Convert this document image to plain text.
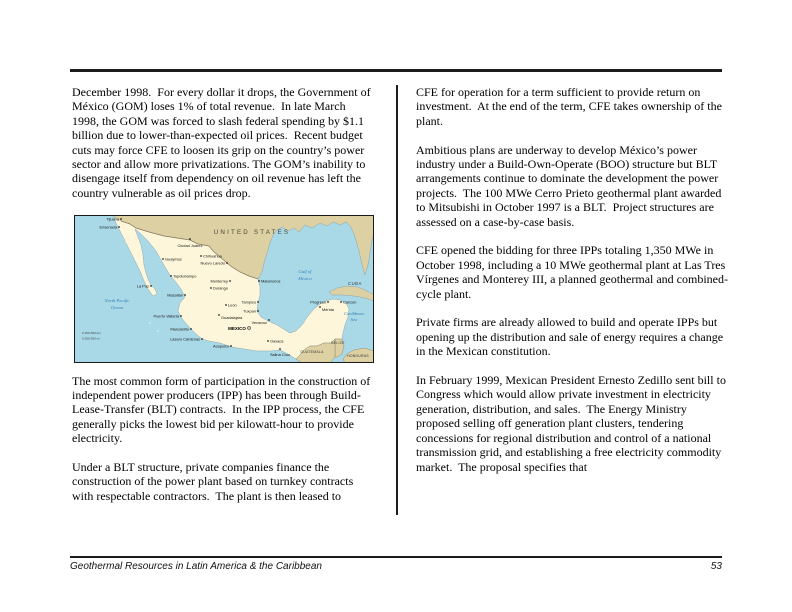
December 1998.  For every dollar it drops, the Government of México (GOM) loses 1% of total revenue.  In late March 1998, the GOM was forced to slash federal spending by $1.1 billion due to lower-than-expected oil prices.  Recent budget cuts may force CFE to loosen its grip on the country’s power sector and allow more privatizations. The GOM’s inability to disengage itself from dependency on oil revenue has left the country vulnerable as oil prices drop.

UNITED STATES
CUBA
BELIZE
GUATEMALA
HONDURAS
North Pacific
Ocean
Gulf of
Mexico
Caribbean
Sea
Tijuana
Ensenada
Ciudad Juárez
Guaymas
Chihuahua
Nuevo Laredo
Topolobampo
Monterrey	Matamoros
La Paz	Durango
Mazatlán
León
Tampico
Tuxpan
Puerto Vallarta	Guadalajara
Veracruz
Manzanillo
Lázaro Cárdenas
Acapulco
Oaxaca
Salina Cruz
Progreso
Mérida
Cancún
MEXICO
0 250 500 km
0 250 500 mi

The most common form of participation in the construction of independent power producers (IPP) has been through Build-Lease-Transfer (BLT) contracts.  In the IPP process, the CFE generally picks the lowest bid per kilowatt-hour to provide electricity.

Under a BLT structure, private companies finance the construction of the power plant based on turnkey contracts with respectable contractors.  The plant is then leased to

CFE for operation for a term sufficient to provide return on investment.  At the end of the term, CFE takes ownership of the plant.

Ambitious plans are underway to develop México’s power industry under a Build-Own-Operate (BOO) structure but BLT arrangements continue to dominate the development the power projects.  The 100 MWe Cerro Prieto geothermal plant awarded to Mitsubishi in October 1997 is a BLT.  Project structures are assessed on a case-by-case basis.

CFE opened the bidding for three IPPs totaling 1,350 MWe in October 1998, including a 10 MWe geothermal plant at Las Tres Vírgenes and Monterey III, a planned geothermal and combined-cycle plant.

Private firms are already allowed to build and operate IPPs but opening up the distribution and sale of energy requires a change in the Mexican constitution.

In February 1999, Mexican President Ernesto Zedillo sent bill to Congress which would allow private investment in electricity generation, distribution, and sales.  The Energy Ministry proposed selling off generation plant clusters, tendering concessions for regional distribution and control of a national transmission grid, and establishing a free electricity commodity market.  The proposal specifies that

Geothermal Resources in Latin America & the Caribbean	53
